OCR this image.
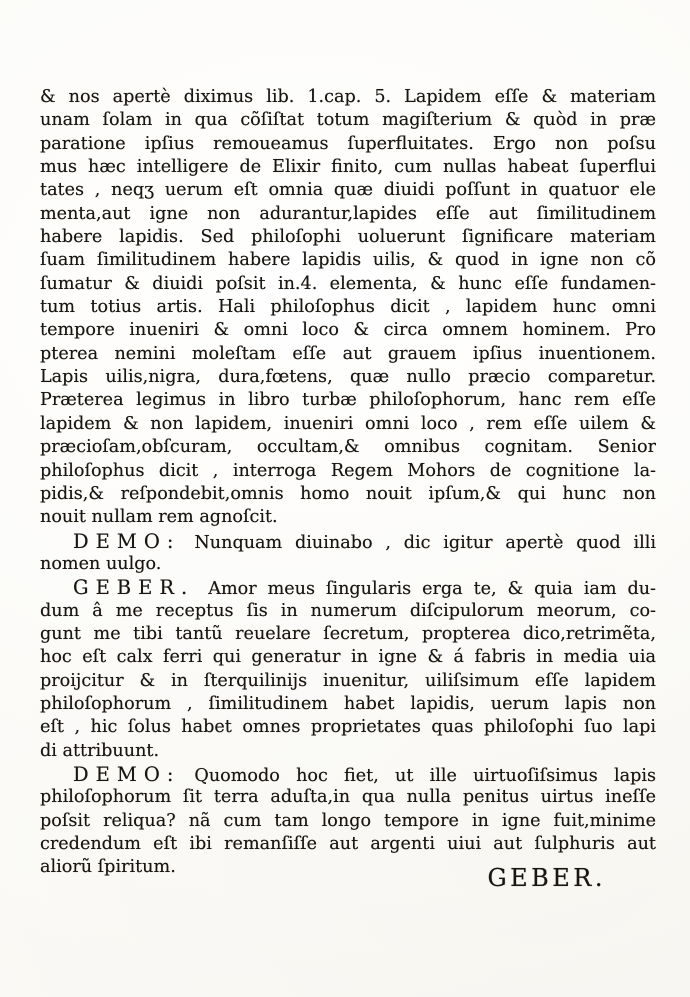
& nos apertè diximus lib. 1.cap. 5. Lapidem eſſe & materiam
unam ſolam in qua cõſiſtat totum magiſterium & quòd in præ
paratione ipſius remoueamus ſuperfluitates. Ergo non poſsu
mus hæc intelligere de Elixir finito, cum nullas habeat ſuperflui
tates , neqʒ uerum eſt omnia quæ diuidi poſſunt in quatuor ele
menta,aut igne non adurantur,lapides eſſe aut ſimilitudinem
habere lapidis. Sed philoſophi uoluerunt ſignificare materiam
ſuam ſimilitudinem habere lapidis uilis, & quod in igne non cõ
ſumatur & diuidi poſsit in.4. elementa, & hunc eſſe fundamen-
tum totius artis. Hali philoſophus dicit , lapidem hunc omni
tempore inueniri & omni loco & circa omnem hominem. Pro
pterea nemini moleſtam eſſe aut grauem ipſius inuentionem.
Lapis uilis,nigra, dura,fœtens, quæ nullo præcio comparetur.
Præterea legimus in libro turbæ philoſophorum, hanc rem eſſe
lapidem & non lapidem, inueniri omni loco , rem eſſe uilem &
præcioſam,obſcuram, occultam,& omnibus cognitam. Senior
philoſophus dicit , interroga Regem Mohors de cognitione la-
pidis,& reſpondebit,omnis homo nouit ipſum,& qui hunc non
nouit nullam rem agnoſcit.
DEMO: Nunquam diuinabo , dic igitur apertè quod illi
nomen uulgo.
GEBER. Amor meus ſingularis erga te, & quia iam du-
dum â me receptus ſis in numerum diſcipulorum meorum, co-
gunt me tibi tantũ reuelare ſecretum, propterea dico,retrimẽta,
hoc eſt calx ferri qui generatur in igne & á fabris in media uia
proijcitur & in ſterquilinijs inuenitur, uiliſsimum eſſe lapidem
philoſophorum , ſimilitudinem habet lapidis, uerum lapis non
eſt , hic ſolus habet omnes proprietates quas philoſophi ſuo lapi
di attribuunt.
DEMO: Quomodo hoc fiet, ut ille uirtuoſiſsimus lapis
philoſophorum ſit terra aduſta,in qua nulla penitus uirtus ineſſe
poſsit reliqua? nã cum tam longo tempore in igne fuit,minime
credendum eſt ibi remanſiſſe aut argenti uiui aut ſulphuris aut
aliorũ ſpiritum.	GEBER.
